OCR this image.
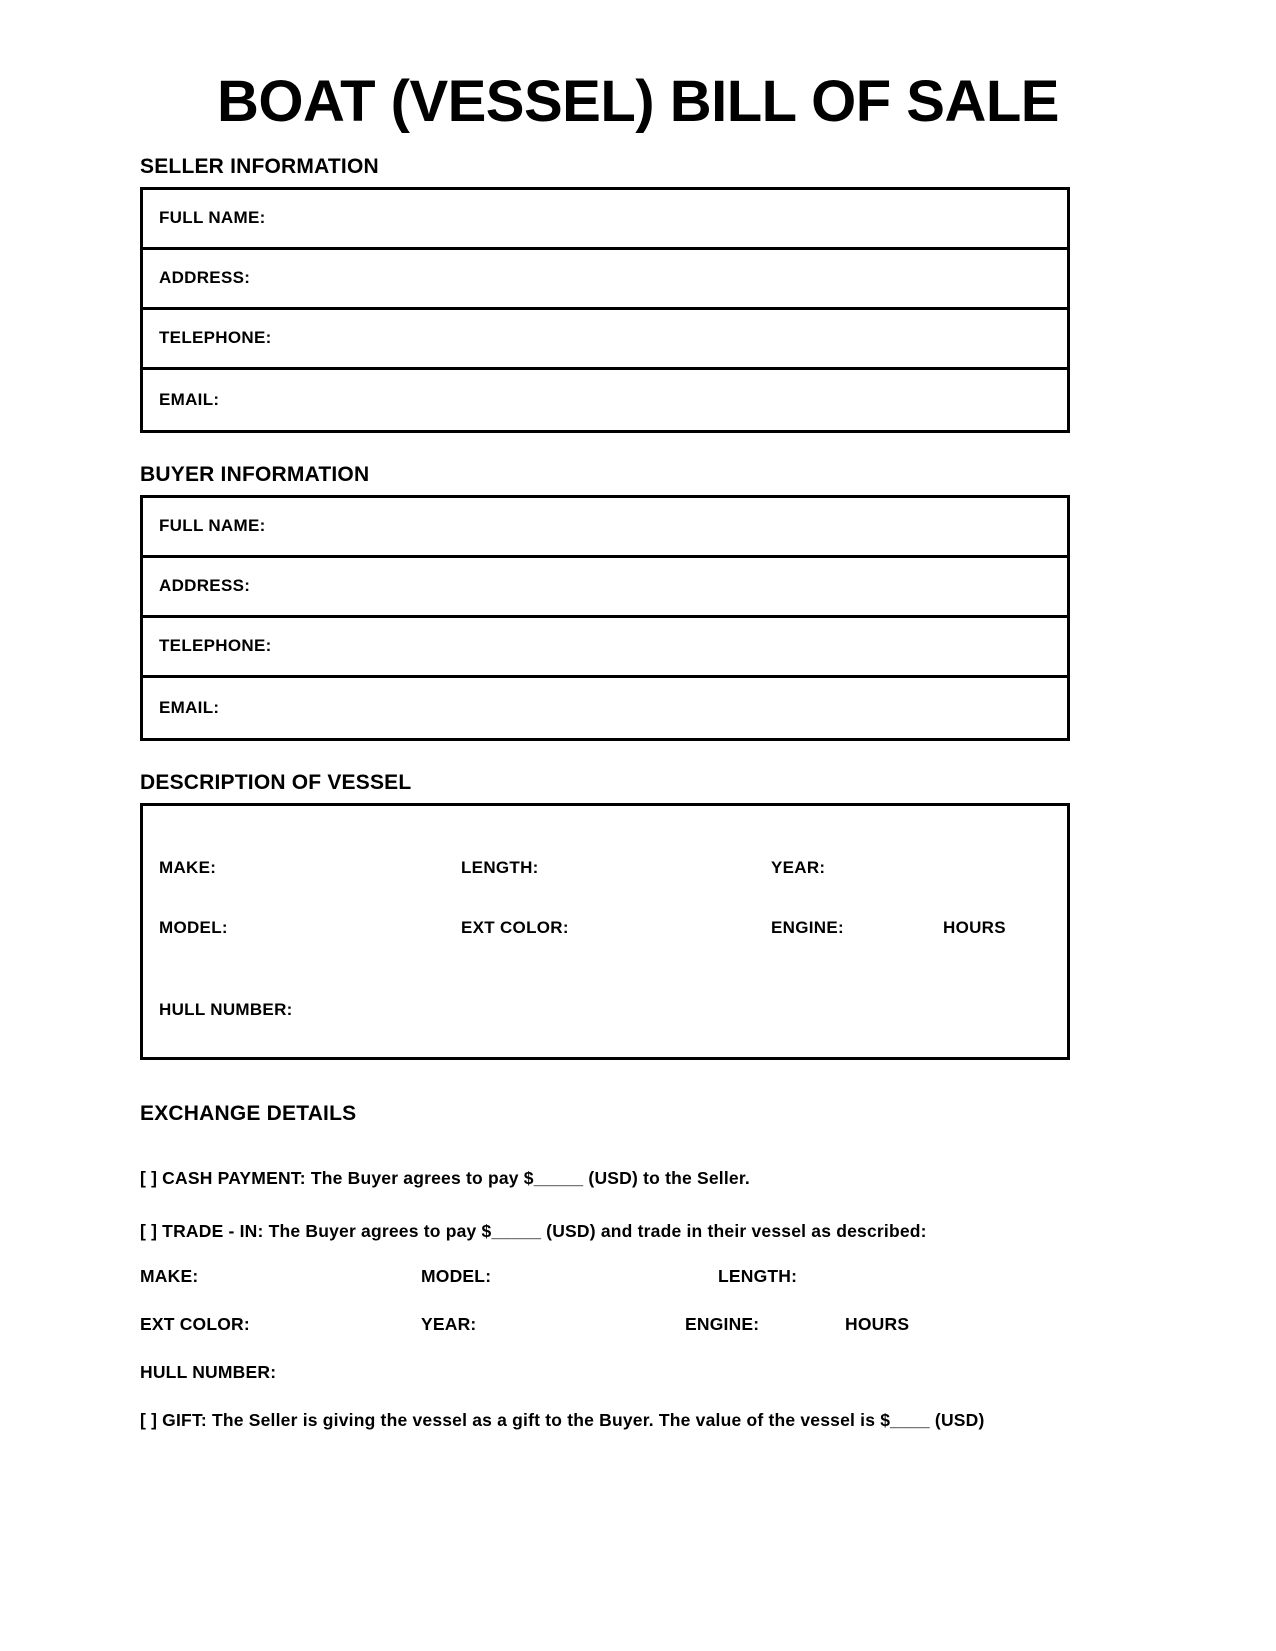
BOAT (VESSEL) BILL OF SALE
SELLER INFORMATION
FULL NAME:
ADDRESS:
TELEPHONE:
EMAIL:
BUYER INFORMATION
FULL NAME:
ADDRESS:
TELEPHONE:
EMAIL:
DESCRIPTION OF VESSEL
MAKE:	LENGTH:	YEAR:
MODEL:	EXT COLOR:	ENGINE:	HOURS
HULL NUMBER:
EXCHANGE DETAILS

[ ] CASH PAYMENT: The Buyer agrees to pay $_____ (USD) to the Seller.

[ ] TRADE - IN: The Buyer agrees to pay $_____ (USD) and trade in their vessel as described:

MAKE:	MODEL:	LENGTH:
EXT COLOR:	YEAR:	ENGINE:	HOURS
HULL NUMBER:

[ ] GIFT: The Seller is giving the vessel as a gift to the Buyer. The value of the vessel is $____ (USD)
